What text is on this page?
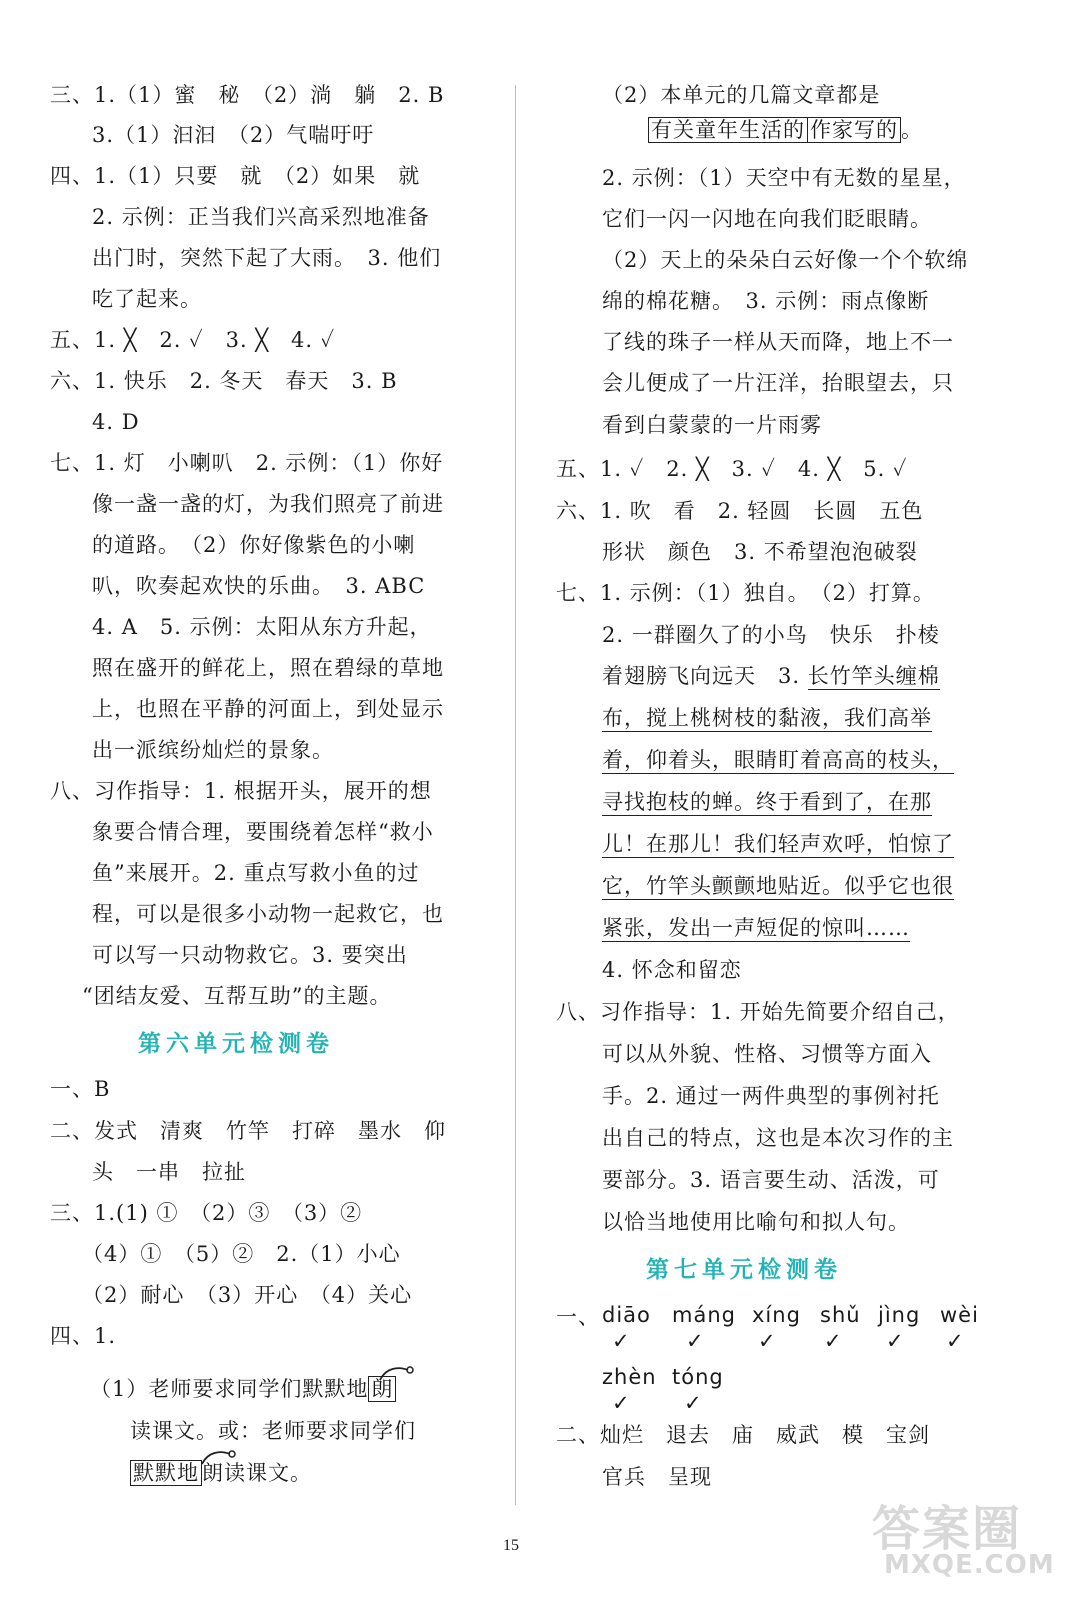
三、1.（1）蜜　秘　（2）淌　躺　2. B
3.（1）汩汩　（2）气喘吁吁
四、1.（1）只要　就　（2）如果　就
2. 示例：正当我们兴高采烈地准备
出门时，突然下起了大雨。　3. 他们
吃了起来。
五、1. ╳　2. ✓　3. ╳　4. ✓
六、1. 快乐　2. 冬天　春天　3. B
4. D
七、1. 灯　小喇叭　2. 示例：（1）你好
像一盏一盏的灯，为我们照亮了前进
的道路。　（2）你好像紫色的小喇
叭，吹奏起欢快的乐曲。　3. ABC
4. A　5. 示例：太阳从东方升起，
照在盛开的鲜花上，照在碧绿的草地
上，也照在平静的河面上，到处显示
出一派缤纷灿烂的景象。
八、习作指导：1. 根据开头，展开的想
象要合情合理，要围绕着怎样“救小
鱼”来展开。2. 重点写救小鱼的过
程，可以是很多小动物一起救它，也
可以写一只动物救它。3. 要突出
“团结友爱、互帮互助”的主题。
第六单元检测卷
一、B
二、发式　清爽　竹竿　打碎　墨水　仰
头　一串　拉扯
三、1.(1) ①　（2）③　（3）②
（4）①　（5）②　2.（1）小心
（2）耐心　（3）开心　（4）关心
四、1.
（1）老师要求同学们默默地 朗
读课文。或：老师要求同学们
默默地 朗读课文。
（2）本单元的几篇文章都是
有关童年生活的 作家写的 。
2. 示例：（1）天空中有无数的星星，
它们一闪一闪地在向我们眨眼睛。
（2）天上的朵朵白云好像一个个软绵
绵的棉花糖。　3. 示例：雨点像断
了线的珠子一样从天而降，地上不一
会儿便成了一片汪洋，抬眼望去，只
看到白蒙蒙的一片雨雾
五、1. ✓　2. ╳　3. ✓　4. ╳　5. ✓
六、1. 吹　看　2. 轻圆　长圆　五色
形状　颜色　3. 不希望泡泡破裂
七、1. 示例：（1）独自。　（2）打算。
2. 一群圈久了的小鸟　快乐　扑棱
着翅膀飞向远天　3. 长竹竿头缠棉
布，搅上桃树枝的黏液，我们高举
着，仰着头，眼睛盯着高高的枝头，
寻找抱枝的蝉。终于看到了，在那
儿！在那儿！我们轻声欢呼，怕惊了
它，竹竿头颤颤地贴近。似乎它也很
紧张，发出一声短促的惊叫……
4. 怀念和留恋
八、习作指导：1. 开始先简要介绍自己，
可以从外貌、性格、习惯等方面入
手。2. 通过一两件典型的事例衬托
出自己的特点，这也是本次习作的主
要部分。3. 语言要生动、活泼，可
以恰当地使用比喻句和拟人句。
第七单元检测卷
一、 diāo máng xíng shǔ jìng wèi
✓	✓	✓ ✓ ✓ ✓
zhèn tóng
✓	✓
二、灿烂　退去　庙　威武　模　宝剑
官兵　呈现
15	答案圈
MXQE.COM
